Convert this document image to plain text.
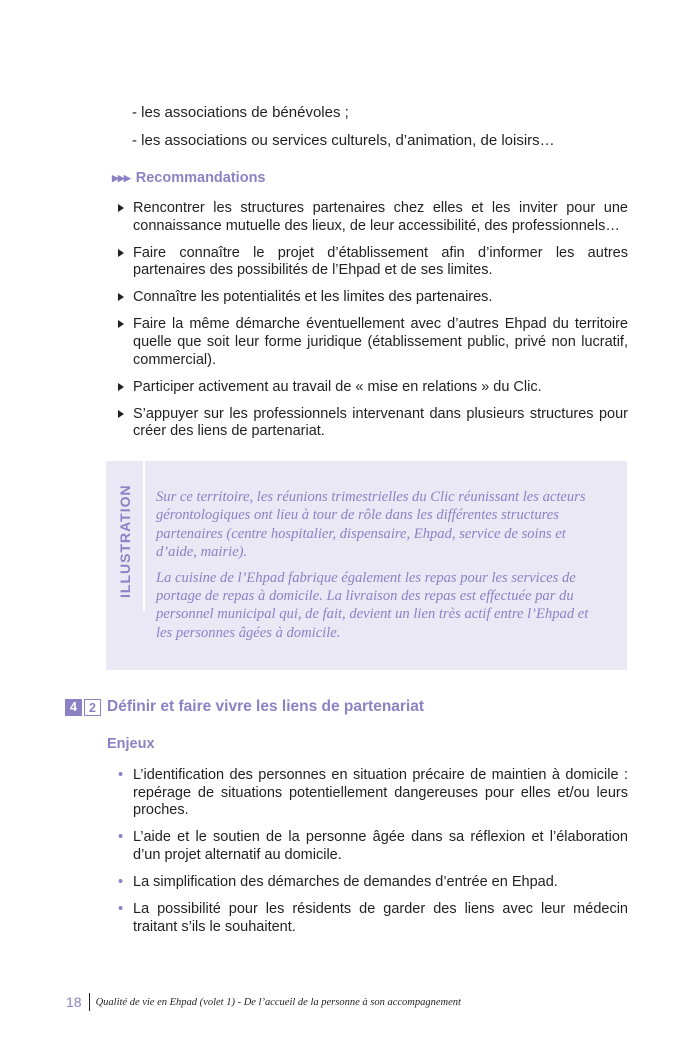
- les associations de bénévoles ;
- les associations ou services culturels, d’animation, de loisirs…
▶▶▶ Recommandations
Rencontrer les structures partenaires chez elles et les inviter pour une connaissance mutuelle des lieux, de leur accessibilité, des professionnels…
Faire connaître le projet d’établissement afin d’informer les autres partenaires des possibilités de l’Ehpad et de ses limites.
Connaître les potentialités et les limites des partenaires.
Faire la même démarche éventuellement avec d’autres Ehpad du territoire quelle que soit leur forme juridique (établissement public, privé non lucratif, commercial).
Participer activement au travail de « mise en relations » du Clic.
S’appuyer sur les professionnels intervenant dans plusieurs structures pour créer des liens de partenariat.
ILLUSTRATION Sur ce territoire, les réunions trimestrielles du Clic réunissant les acteurs gérontologiques ont lieu à tour de rôle dans les différentes structures partenaires (centre hospitalier, dispensaire, Ehpad, service de soins et d’aide, mairie).

La cuisine de l’Ehpad fabrique également les repas pour les services de portage de repas à domicile. La livraison des repas est effectuée par du personnel municipal qui, de fait, devient un lien très actif entre l’Ehpad et les personnes âgées à domicile.

4 2 Définir et faire vivre les liens de partenariat
Enjeux
• L’identification des personnes en situation précaire de maintien à domicile : repérage de situations potentiellement dangereuses pour elles et/ou leurs proches.
• L’aide et le soutien de la personne âgée dans sa réflexion et l’élaboration d’un projet alternatif au domicile.
• La simplification des démarches de demandes d’entrée en Ehpad.
• La possibilité pour les résidents de garder des liens avec leur médecin traitant s’ils le souhaitent.
18 Qualité de vie en Ehpad (volet 1) - De l’accueil de la personne à son accompagnement
